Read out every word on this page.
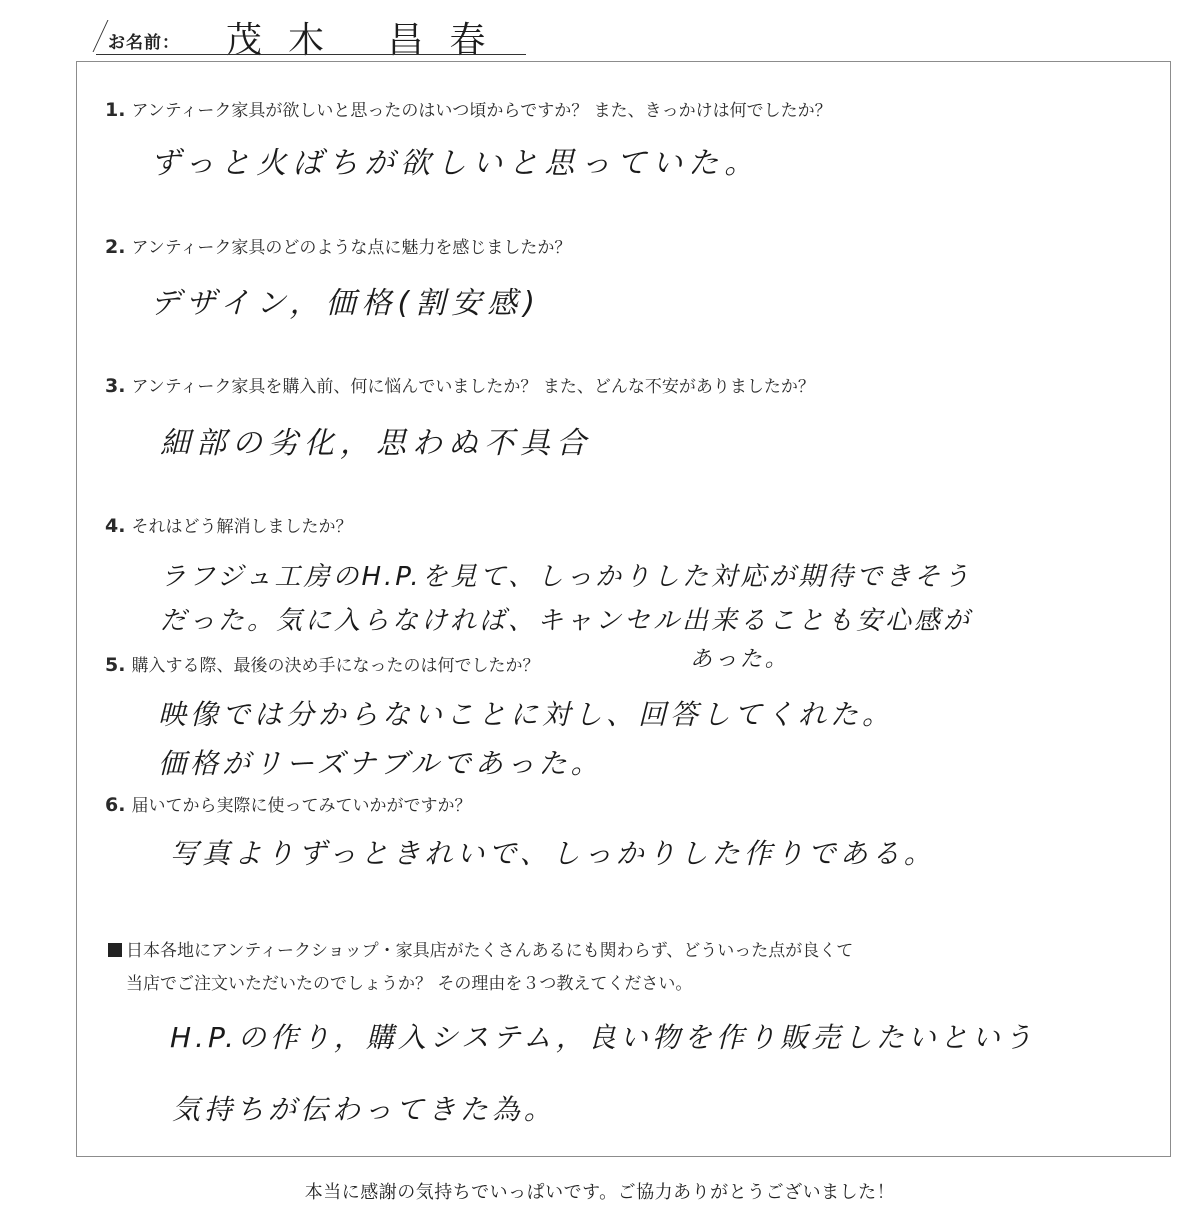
お名前： 茂木 昌春
1. アンティーク家具が欲しいと思ったのはいつ頃からですか？ また、きっかけは何でしたか？
ずっと火ばちが欲しいと思っていた。
2. アンティーク家具のどのような点に魅力を感じましたか？
デザイン，価格(割安感)
3. アンティーク家具を購入前、何に悩んでいましたか？ また、どんな不安がありましたか？
細部の劣化，思わぬ不具合
4. それはどう解消しましたか？
ラフジュ工房のH.P.を見て、しっかりした対応が期待できそう
だった。気に入らなければ、キャンセル出来ることも安心感が
あった。
5. 購入する際、最後の決め手になったのは何でしたか？
映像では分からないことに対し、回答してくれた。
価格がリーズナブルであった。
6. 届いてから実際に使ってみていかがですか？
写真よりずっときれいで、しっかりした作りである。
日本各地にアンティークショップ・家具店がたくさんあるにも関わらず、どういった点が良くて
当店でご注文いただいたのでしょうか？ その理由を３つ教えてください。
H.P.の作り，購入システム，良い物を作り販売したいという
気持ちが伝わってきた為。
本当に感謝の気持ちでいっぱいです。ご協力ありがとうございました！
